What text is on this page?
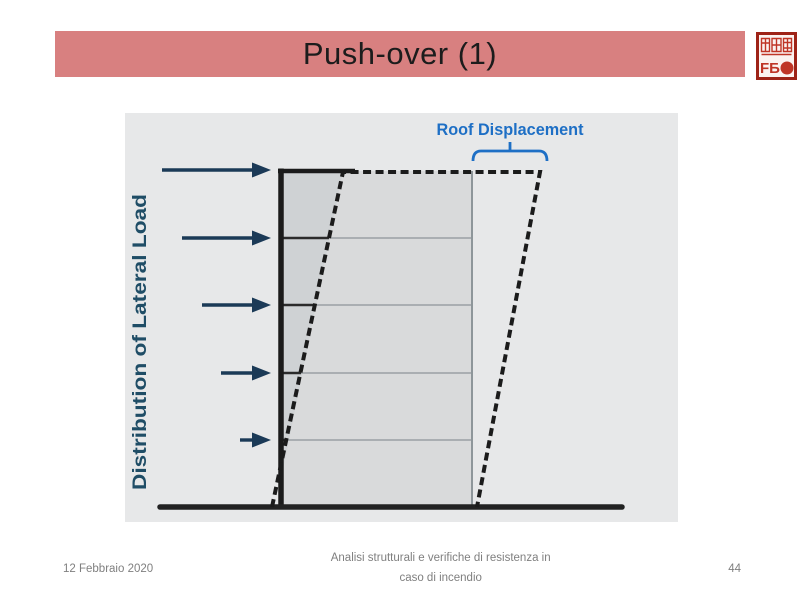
Push-over (1)	FБ
Roof Displacement
Distribution of Lateral Load
12 Febbraio 2020
Analisi strutturali e verifiche di resistenza in
caso di incendio
44
